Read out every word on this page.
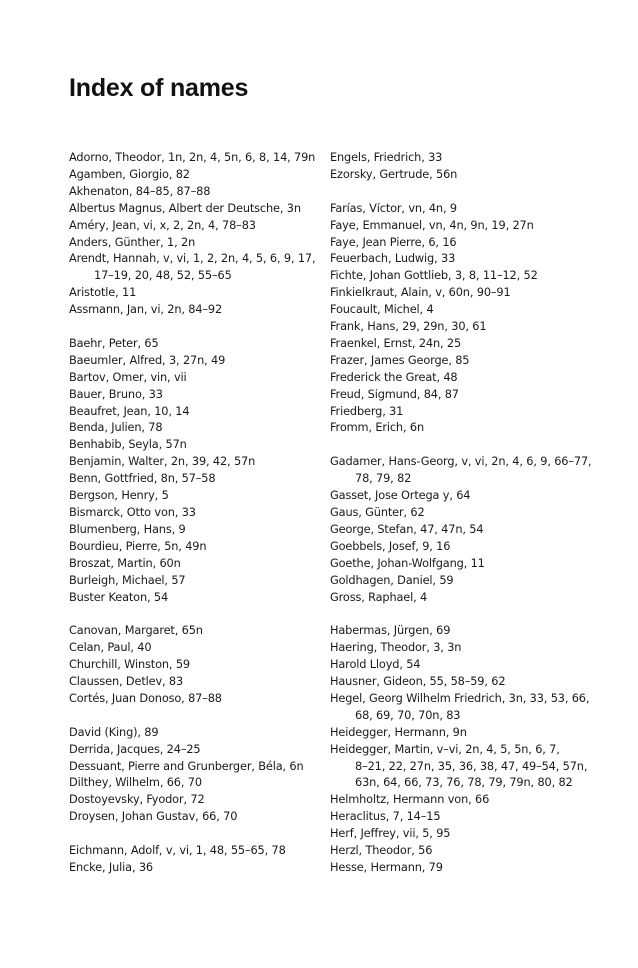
Index of names
Adorno, Theodor, 1n, 2n, 4, 5n, 6, 8, 14, 79n
Agamben, Giorgio, 82
Akhenaton, 84–85, 87–88
Albertus Magnus, Albert der Deutsche, 3n
Améry, Jean, vi, x, 2, 2n, 4, 78–83
Anders, Günther, 1, 2n
Arendt, Hannah, v, vi, 1, 2, 2n, 4, 5, 6, 9, 17,
17–19, 20, 48, 52, 55–65
Aristotle, 11
Assmann, Jan, vi, 2n, 84–92
Baehr, Peter, 65
Baeumler, Alfred, 3, 27n, 49
Bartov, Omer, vin, vii
Bauer, Bruno, 33
Beaufret, Jean, 10, 14
Benda, Julien, 78
Benhabib, Seyla, 57n
Benjamin, Walter, 2n, 39, 42, 57n
Benn, Gottfried, 8n, 57–58
Bergson, Henry, 5
Bismarck, Otto von, 33
Blumenberg, Hans, 9
Bourdieu, Pierre, 5n, 49n
Broszat, Martin, 60n
Burleigh, Michael, 57
Buster Keaton, 54
Canovan, Margaret, 65n
Celan, Paul, 40
Churchill, Winston, 59
Claussen, Detlev, 83
Cortés, Juan Donoso, 87–88
David (King), 89
Derrida, Jacques, 24–25
Dessuant, Pierre and Grunberger, Béla, 6n
Dilthey, Wilhelm, 66, 70
Dostoyevsky, Fyodor, 72
Droysen, Johan Gustav, 66, 70
Eichmann, Adolf, v, vi, 1, 48, 55–65, 78
Encke, Julia, 36
Engels, Friedrich, 33
Ezorsky, Gertrude, 56n
Farías, Víctor, vn, 4n, 9
Faye, Emmanuel, vn, 4n, 9n, 19, 27n
Faye, Jean Pierre, 6, 16
Feuerbach, Ludwig, 33
Fichte, Johan Gottlieb, 3, 8, 11–12, 52
Finkielkraut, Alain, v, 60n, 90–91
Foucault, Michel, 4
Frank, Hans, 29, 29n, 30, 61
Fraenkel, Ernst, 24n, 25
Frazer, James George, 85
Frederick the Great, 48
Freud, Sigmund, 84, 87
Friedberg, 31
Fromm, Erich, 6n
Gadamer, Hans-Georg, v, vi, 2n, 4, 6, 9, 66–77,
78, 79, 82
Gasset, Jose Ortega y, 64
Gaus, Günter, 62
George, Stefan, 47, 47n, 54
Goebbels, Josef, 9, 16
Goethe, Johan-Wolfgang, 11
Goldhagen, Daniel, 59
Gross, Raphael, 4
Habermas, Jürgen, 69
Haering, Theodor, 3, 3n
Harold Lloyd, 54
Hausner, Gideon, 55, 58–59, 62
Hegel, Georg Wilhelm Friedrich, 3n, 33, 53, 66,
68, 69, 70, 70n, 83
Heidegger, Hermann, 9n
Heidegger, Martin, v–vi, 2n, 4, 5, 5n, 6, 7,
8–21, 22, 27n, 35, 36, 38, 47, 49–54, 57n,
63n, 64, 66, 73, 76, 78, 79, 79n, 80, 82
Helmholtz, Hermann von, 66
Heraclitus, 7, 14–15
Herf, Jeffrey, vii, 5, 95
Herzl, Theodor, 56
Hesse, Hermann, 79
